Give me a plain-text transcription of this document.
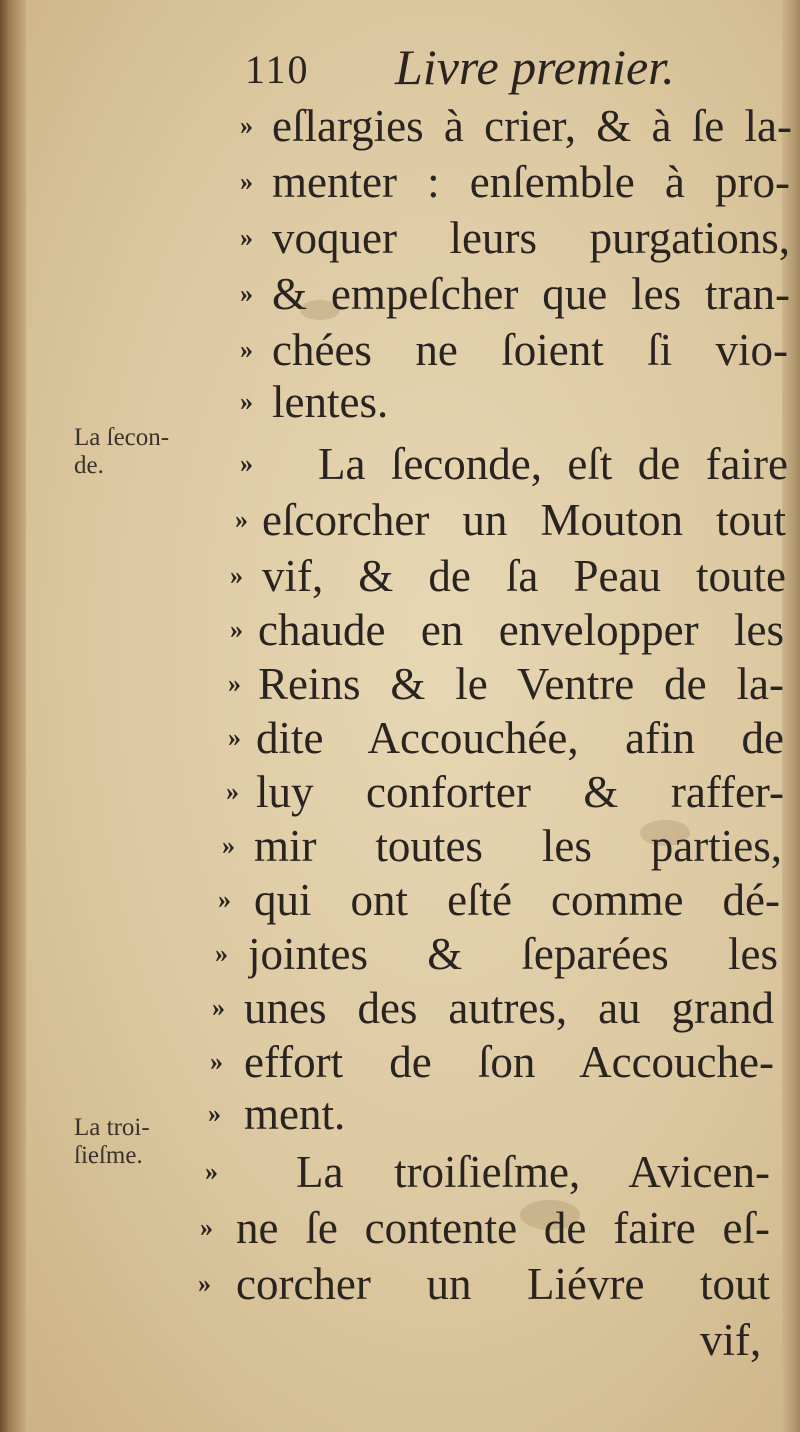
110 Livre premier.
» eſlargies à crier, & à ſe la-
» menter : enſemble à pro-
» voquer leurs purgations,
» & empeſcher que les tran-
» chées ne ſoient ſi vio-
» lentes.
» La ſeconde, eſt de faire
» eſcorcher un Mouton tout
» vif, & de ſa Peau toute
» chaude en envelopper les
» Reins & le Ventre de la-
» dite Accouchée, afin de
» luy conforter & raffer-
» mir toutes les parties,
» qui ont eſté comme dé-
» jointes & ſeparées les
» unes des autres, au grand
» effort de ſon Accouche-
» ment.
» La troiſieſme, Avicen-
» ne ſe contente de faire eſ-
» corcher un Liévre tout
vif,
La ſecon-
de.
La troi-
ſieſme.
